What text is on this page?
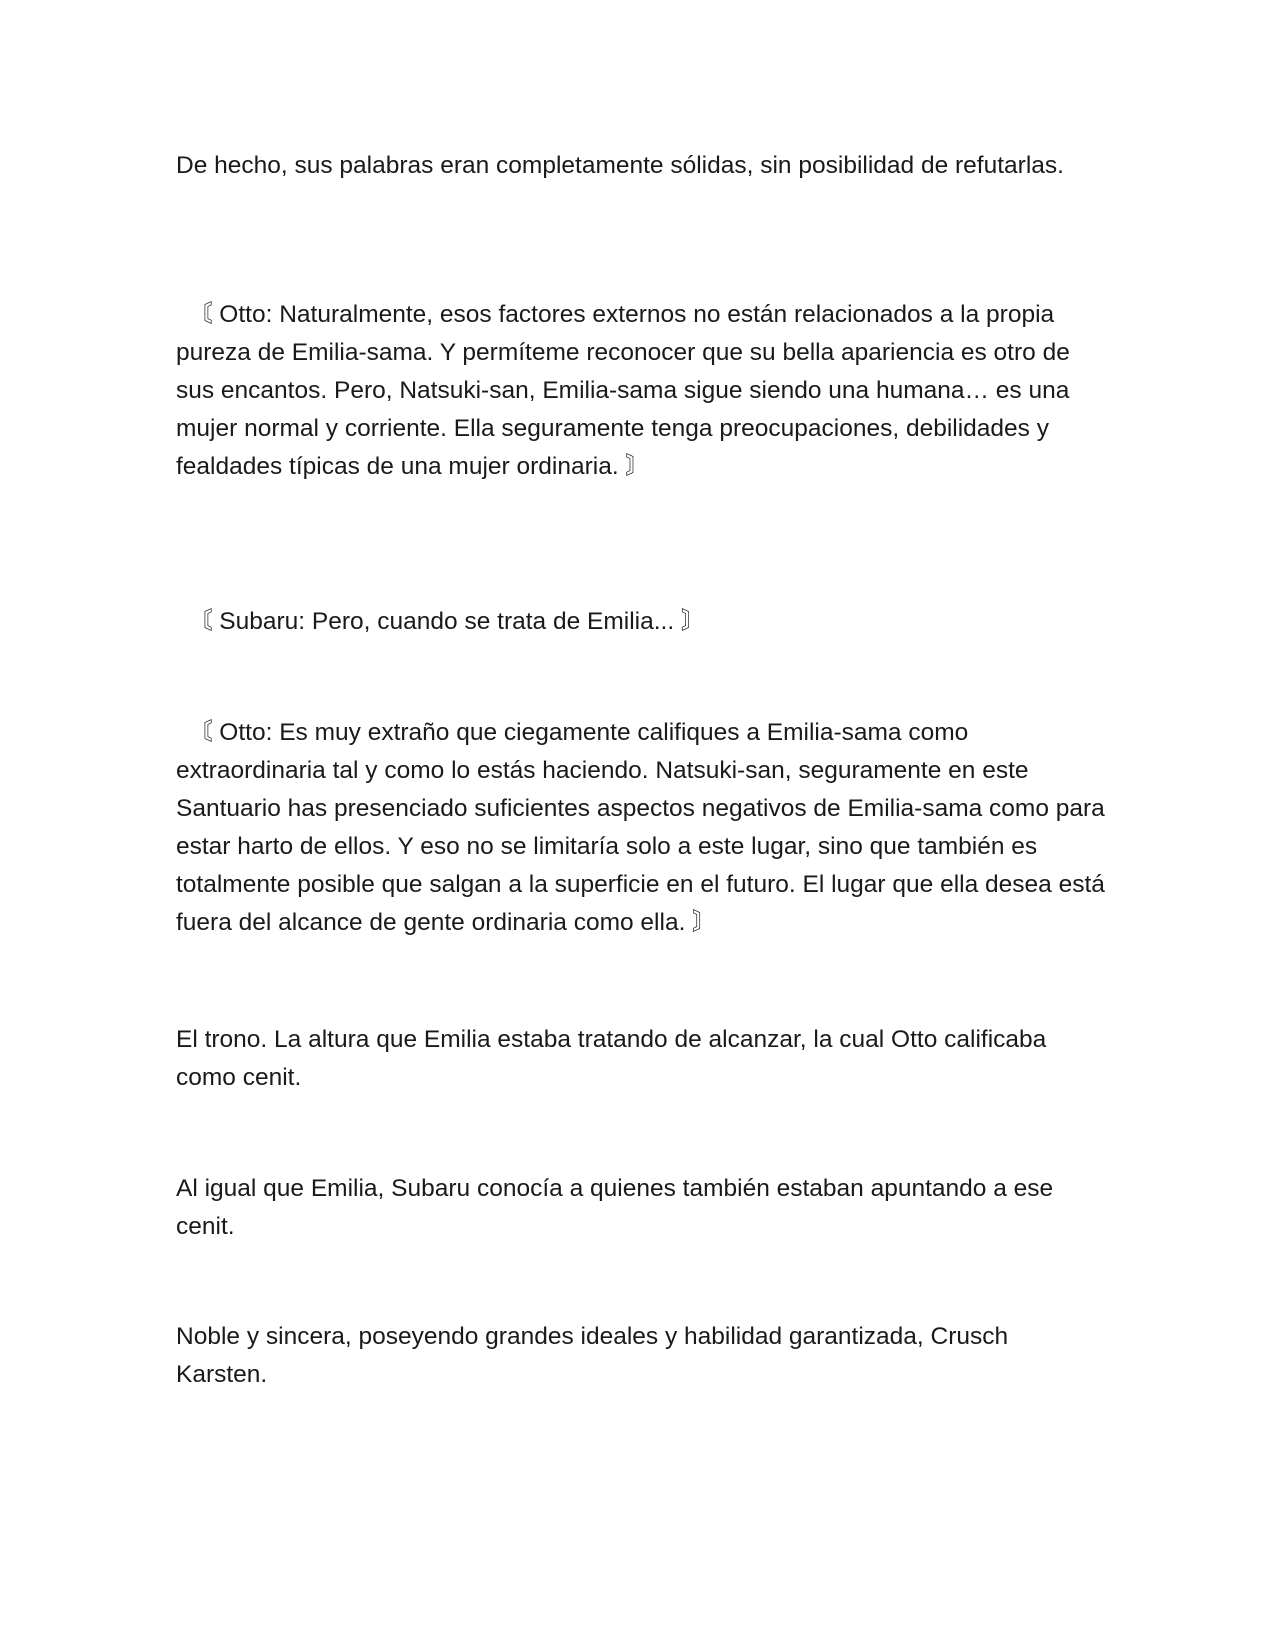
De hecho, sus palabras eran completamente sólidas, sin posibilidad de refutarlas.

〘 Otto: Naturalmente, esos factores externos no están relacionados a la propia pureza de Emilia-sama. Y permíteme reconocer que su bella apariencia es otro de sus encantos. Pero, Natsuki-san, Emilia-sama sigue siendo una humana… es una mujer normal y corriente. Ella seguramente tenga preocupaciones, debilidades y fealdades típicas de una mujer ordinaria. 〙

〘 Subaru: Pero, cuando se trata de Emilia... 〙

〘 Otto: Es muy extraño que ciegamente califiques a Emilia-sama como extraordinaria tal y como lo estás haciendo. Natsuki-san, seguramente en este Santuario has presenciado suficientes aspectos negativos de Emilia-sama como para estar harto de ellos. Y eso no se limitaría solo a este lugar, sino que también es totalmente posible que salgan a la superficie en el futuro. El lugar que ella desea está fuera del alcance de gente ordinaria como ella. 〙

El trono. La altura que Emilia estaba tratando de alcanzar, la cual Otto calificaba como cenit.

Al igual que Emilia, Subaru conocía a quienes también estaban apuntando a ese cenit.

Noble y sincera, poseyendo grandes ideales y habilidad garantizada, Crusch Karsten.
